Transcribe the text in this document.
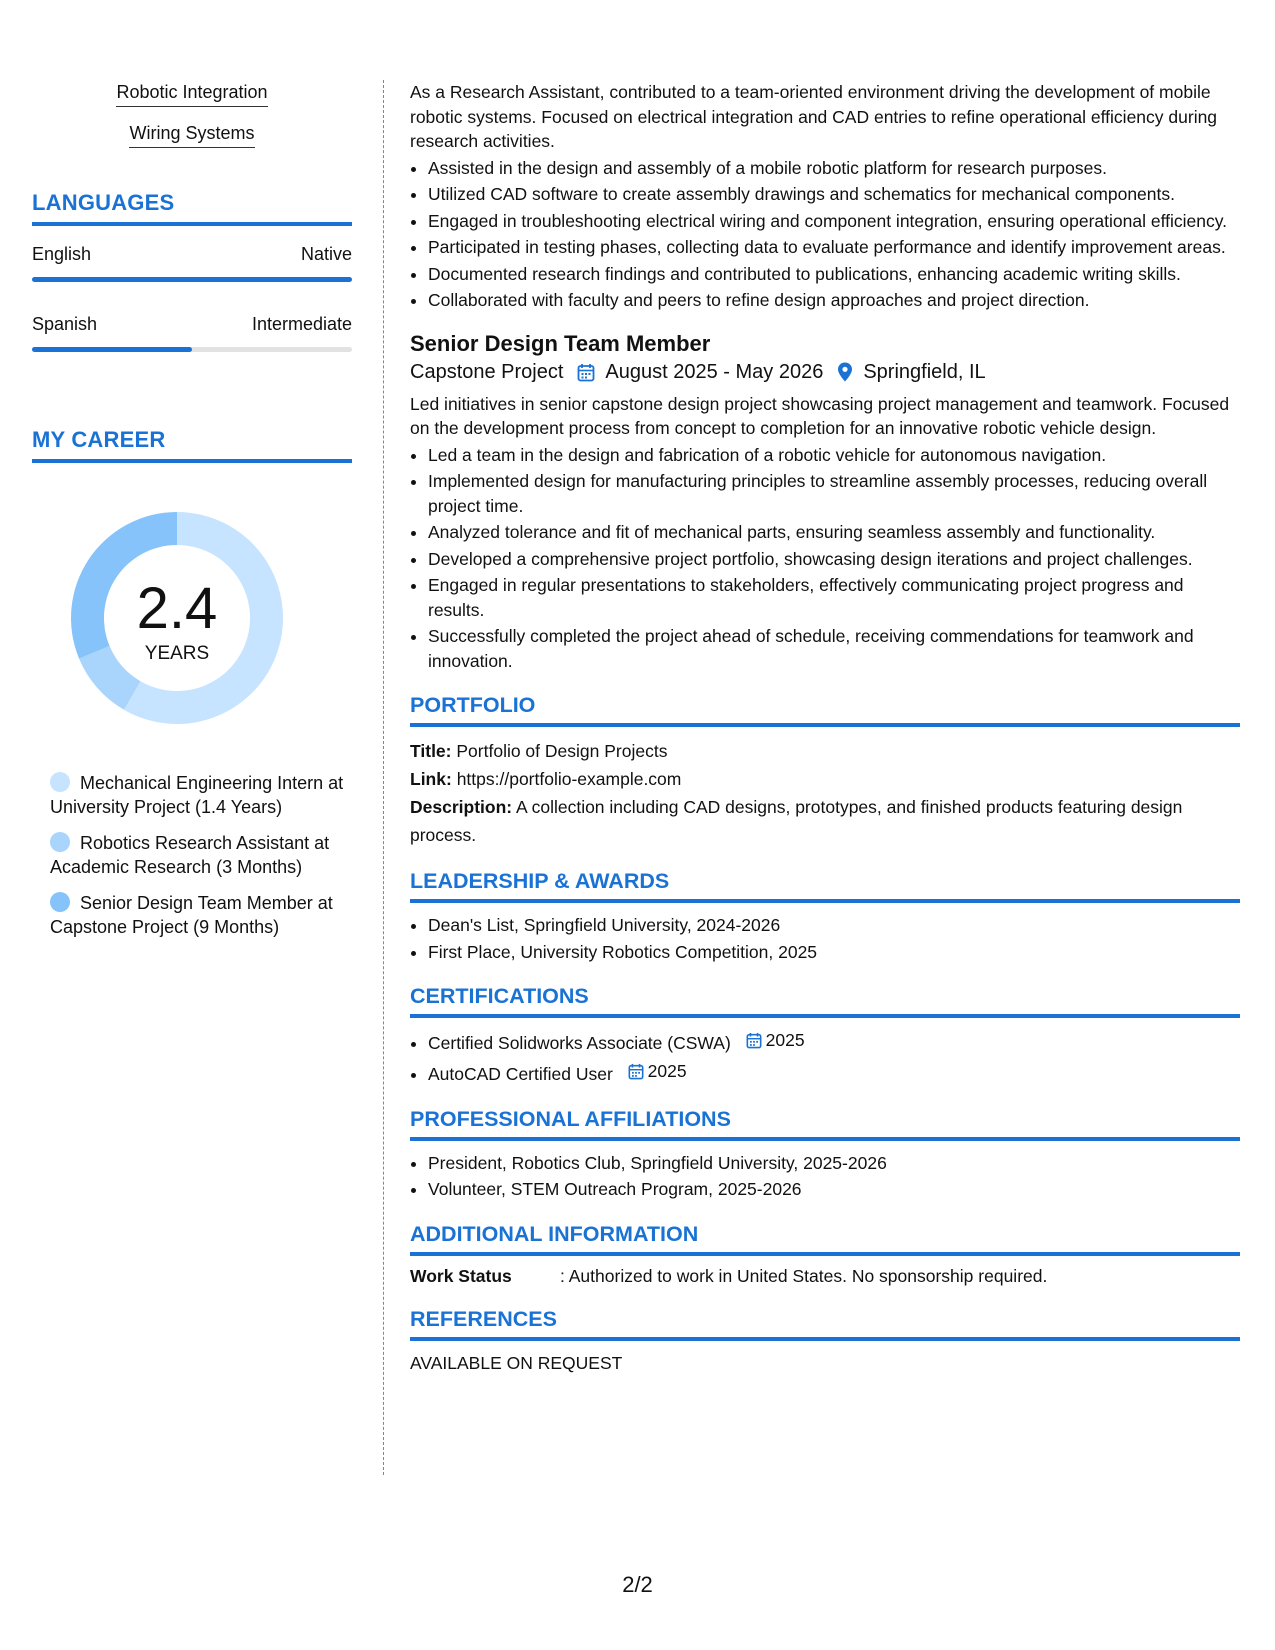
Robotic Integration
Wiring Systems
LANGUAGES
English	Native
Spanish	Intermediate
MY CAREER
2.4
YEARS
Mechanical Engineering Intern at University Project (1.4 Years)
Robotics Research Assistant at Academic Research (3 Months)
Senior Design Team Member at Capstone Project (9 Months)

As a Research Assistant, contributed to a team-oriented environment driving the development of mobile robotic systems. Focused on electrical integration and CAD entries to refine operational efficiency during research activities.

• Assisted in the design and assembly of a mobile robotic platform for research purposes.
• Utilized CAD software to create assembly drawings and schematics for mechanical components.
• Engaged in troubleshooting electrical wiring and component integration, ensuring operational efficiency.
• Participated in testing phases, collecting data to evaluate performance and identify improvement areas.
• Documented research findings and contributed to publications, enhancing academic writing skills.
• Collaborated with faculty and peers to refine design approaches and project direction.
Senior Design Team Member
Capstone Project August 2025 - May 2026 Springfield, IL

Led initiatives in senior capstone design project showcasing project management and teamwork. Focused on the development process from concept to completion for an innovative robotic vehicle design.

• Led a team in the design and fabrication of a robotic vehicle for autonomous navigation.
• Implemented design for manufacturing principles to streamline assembly processes, reducing overall project time.
• Analyzed tolerance and fit of mechanical parts, ensuring seamless assembly and functionality.
• Developed a comprehensive project portfolio, showcasing design iterations and project challenges.
• Engaged in regular presentations to stakeholders, effectively communicating project progress and results.
• Successfully completed the project ahead of schedule, receiving commendations for teamwork and innovation.
PORTFOLIO
Title: Portfolio of Design Projects
Link: https://portfolio-example.com
Description: A collection including CAD designs, prototypes, and finished products featuring design process.
LEADERSHIP & AWARDS
• Dean's List, Springfield University, 2024-2026
• First Place, University Robotics Competition, 2025
CERTIFICATIONS
• Certified Solidworks Associate (CSWA) 2025
• AutoCAD Certified User 2025
PROFESSIONAL AFFILIATIONS
• President, Robotics Club, Springfield University, 2025-2026
• Volunteer, STEM Outreach Program, 2025-2026
ADDITIONAL INFORMATION
Work Status	: Authorized to work in United States. No sponsorship required.
REFERENCES
AVAILABLE ON REQUEST
2/2
